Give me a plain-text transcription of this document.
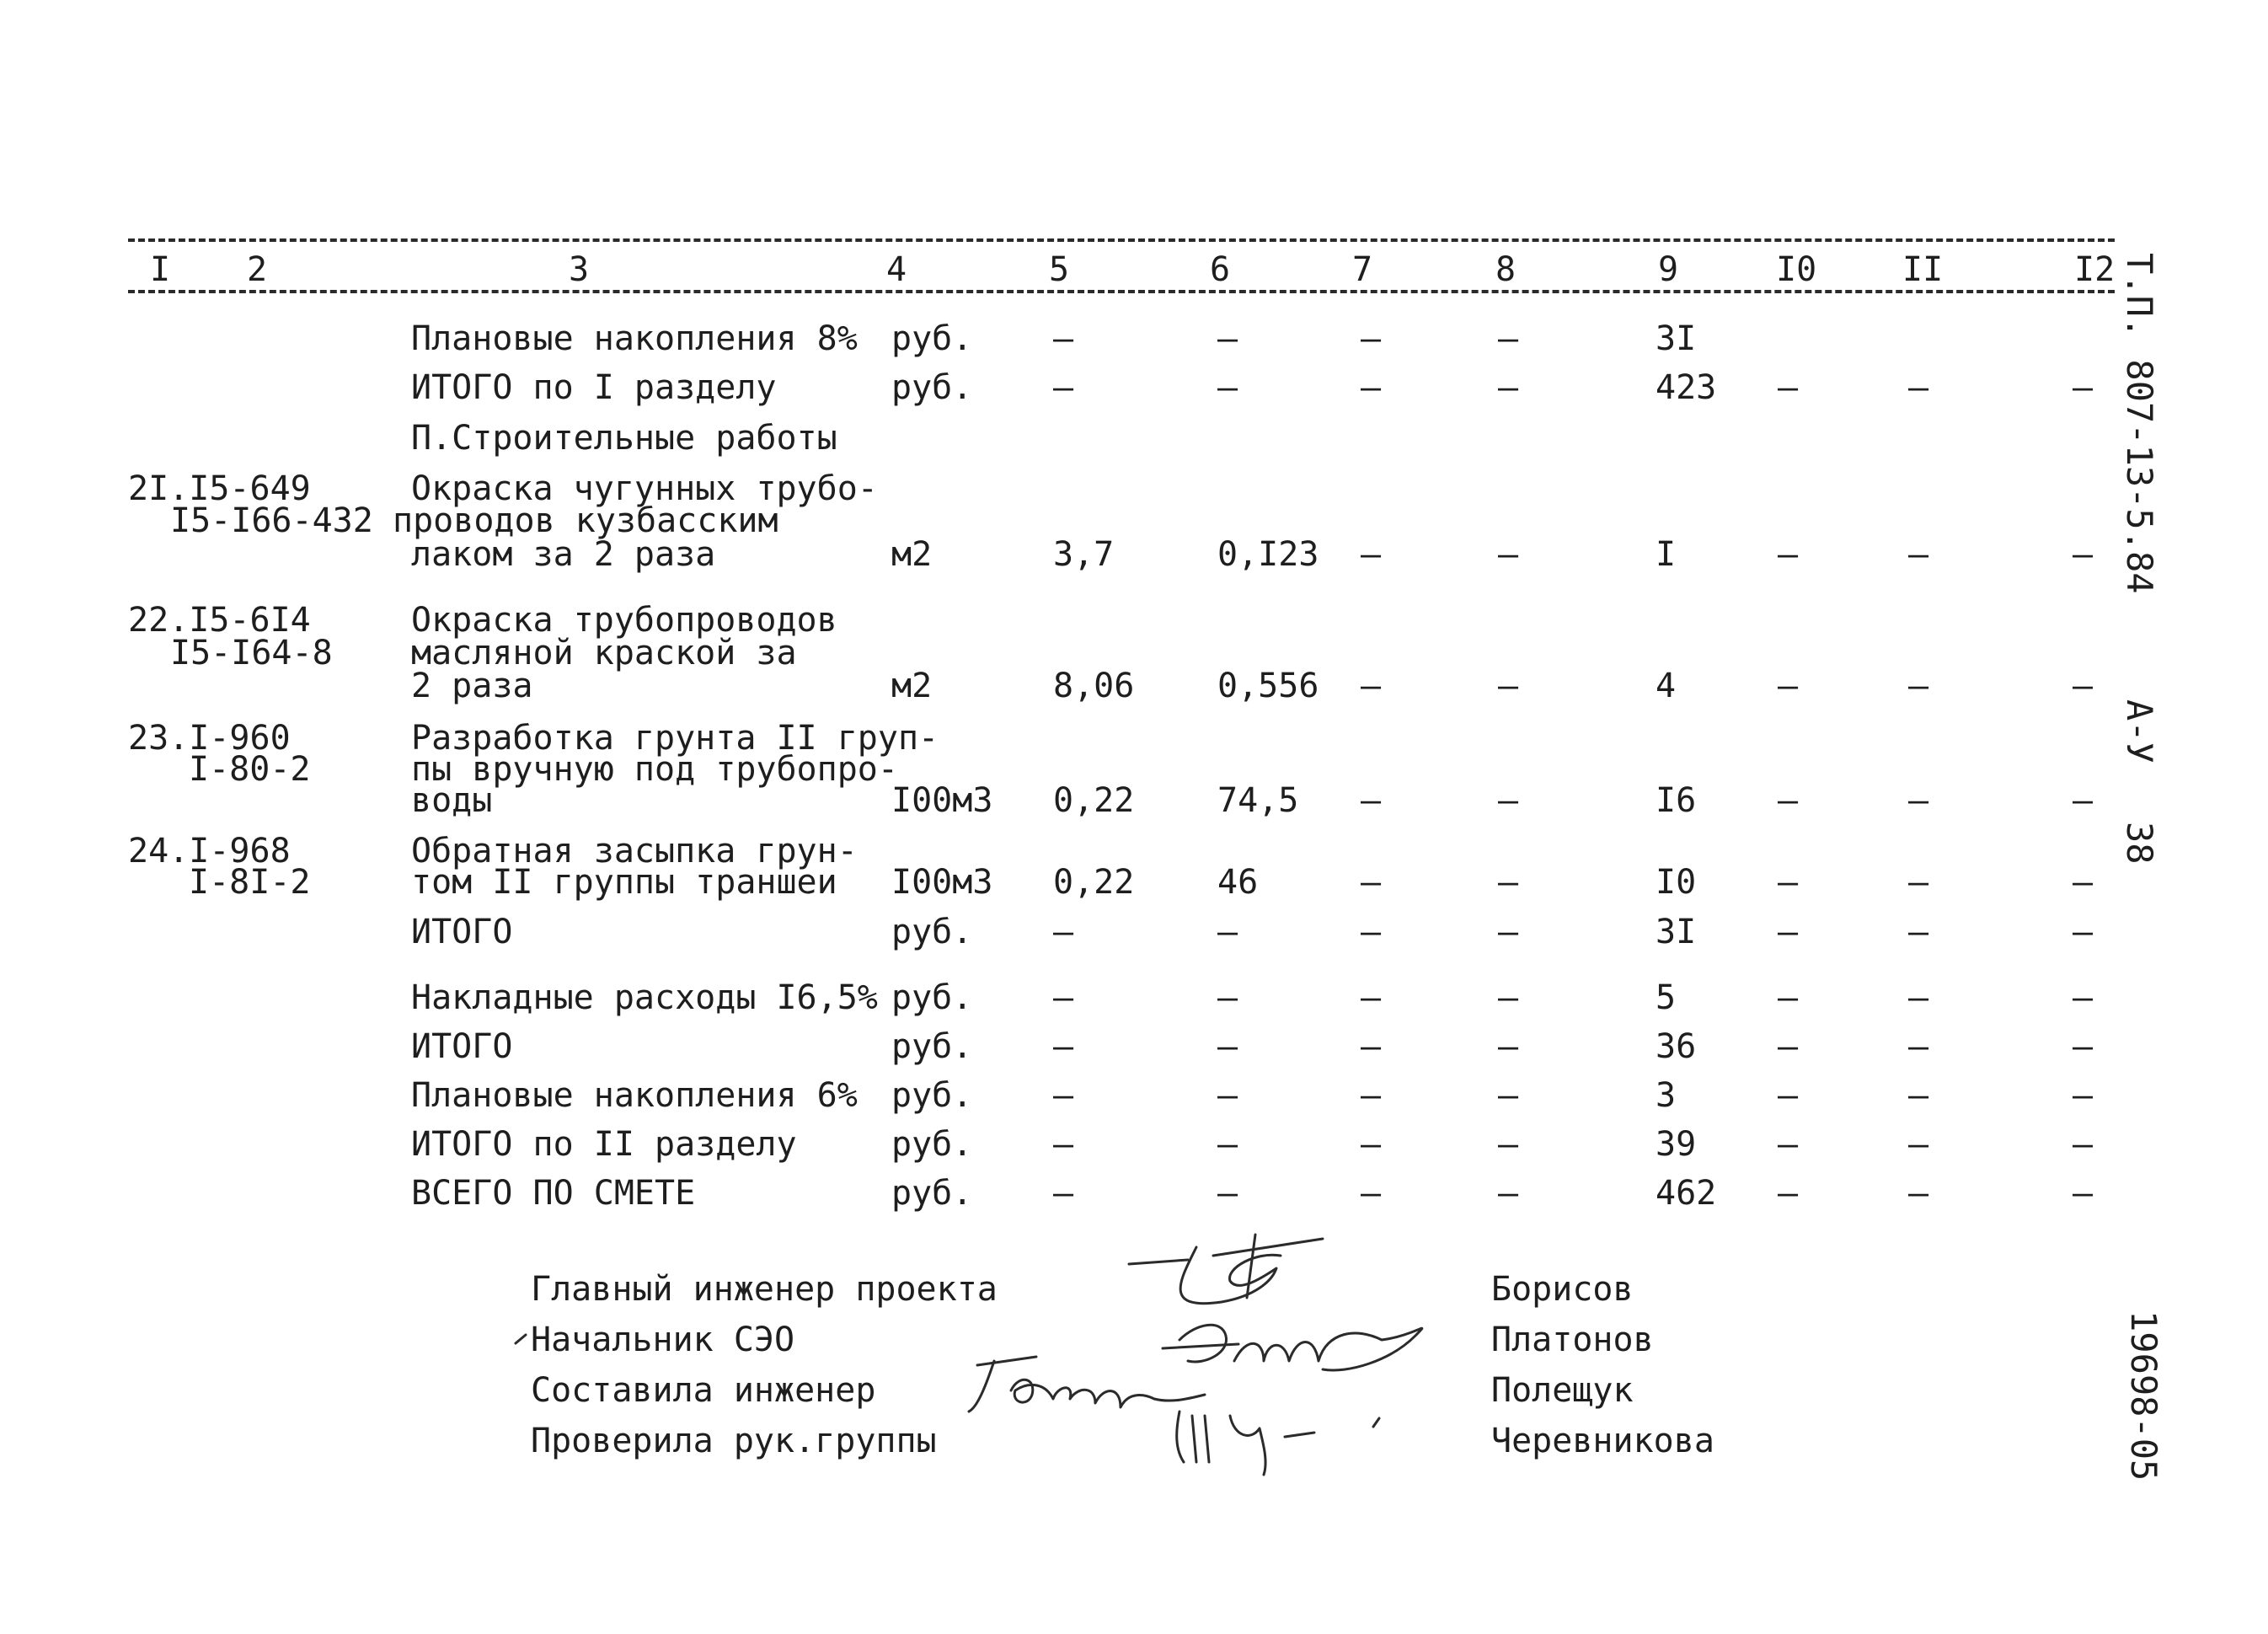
I 2	3	4	5	6	7	8	9	I0	II	I2
Плановые накопления 8% руб. –	–	–	–	3I
ИТОГО по I разделу	руб. –	–	–	–	423 –	–	–
П.Строительные работы
2I.I5-649
I5-I66-432
Окраска чугунных трубо-
проводов кузбасским
лаком за 2 раза	м2	3,7	0,I23 –	–	I	–	–	–
22.I5-6I4
I5-I64-8
Окраска трубопроводов
масляной краской за
2 раза	м2	8,06 0,556 –	–	4	–	–	–
23.I-960
I-80-2
Разработка грунта II груп-
пы вручную под трубопро-
воды	I00м3 0,22 74,5 –	–	I6 –	–	–
24.I-968
I-8I-2
Обратная засыпка грун-
том II группы траншеи I00м3 0,22 46	–	–	I0 –	–	–
ИТОГО	руб. –	–	–	–	3I –	–	–
Накладные расходы I6,5% руб. –	–	–	–	5	–	–	–
ИТОГО	руб. –	–	–	–	36 –	–	–
Плановые накопления 6% руб. –	–	–	–	3	–	–	–
ИТОГО по II разделу	руб. –	–	–	–	39 –	–	–
ВСЕГО ПО СМЕТЕ	руб. –	–	–	–	462 –	–	–
Главный инженер проекта	Борисов
Начальник СЭО	Платонов
Составила инженер	Полещук
Проверила рук.группы	Черевникова
Т.П. 807-13-5.84
А-У
38
19698-05
